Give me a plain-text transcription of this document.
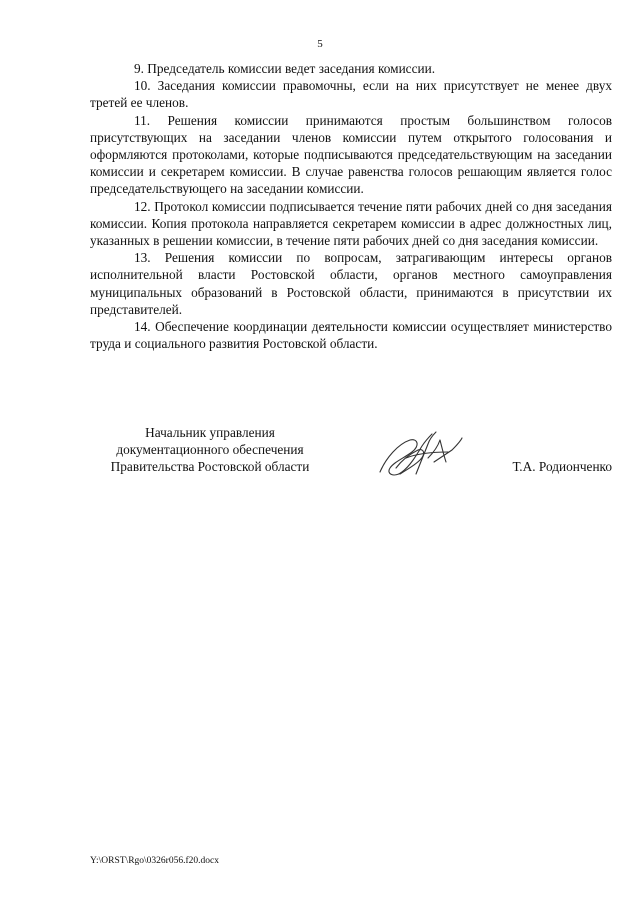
5

9. Председатель комиссии ведет заседания комиссии.

10. Заседания комиссии правомочны, если на них присутствует не менее двух третей ее членов.

11. Решения комиссии принимаются простым большинством голосов присутствующих на заседании членов комиссии путем открытого голосования и оформляются протоколами, которые подписываются председательствующим на заседании комиссии и секретарем комиссии. В случае равенства голосов решающим является голос председательствующего на заседании комиссии.

12. Протокол комиссии подписывается течение пяти рабочих дней со дня заседания комиссии. Копия протокола направляется секретарем комиссии в адрес должностных лиц, указанных в решении комиссии, в течение пяти рабочих дней со дня заседания комиссии.

13. Решения комиссии по вопросам, затрагивающим интересы органов исполнительной власти Ростовской области, органов местного самоуправления муниципальных образований в Ростовской области, принимаются в присутствии их представителей.

14. Обеспечение координации деятельности комиссии осуществляет министерство труда и социального развития Ростовской области.

Начальник управления
документационного обеспечения
Правительства Ростовской области	Т.А. Родионченко
Y:\ORST\Rgo\0326r056.f20.docx
